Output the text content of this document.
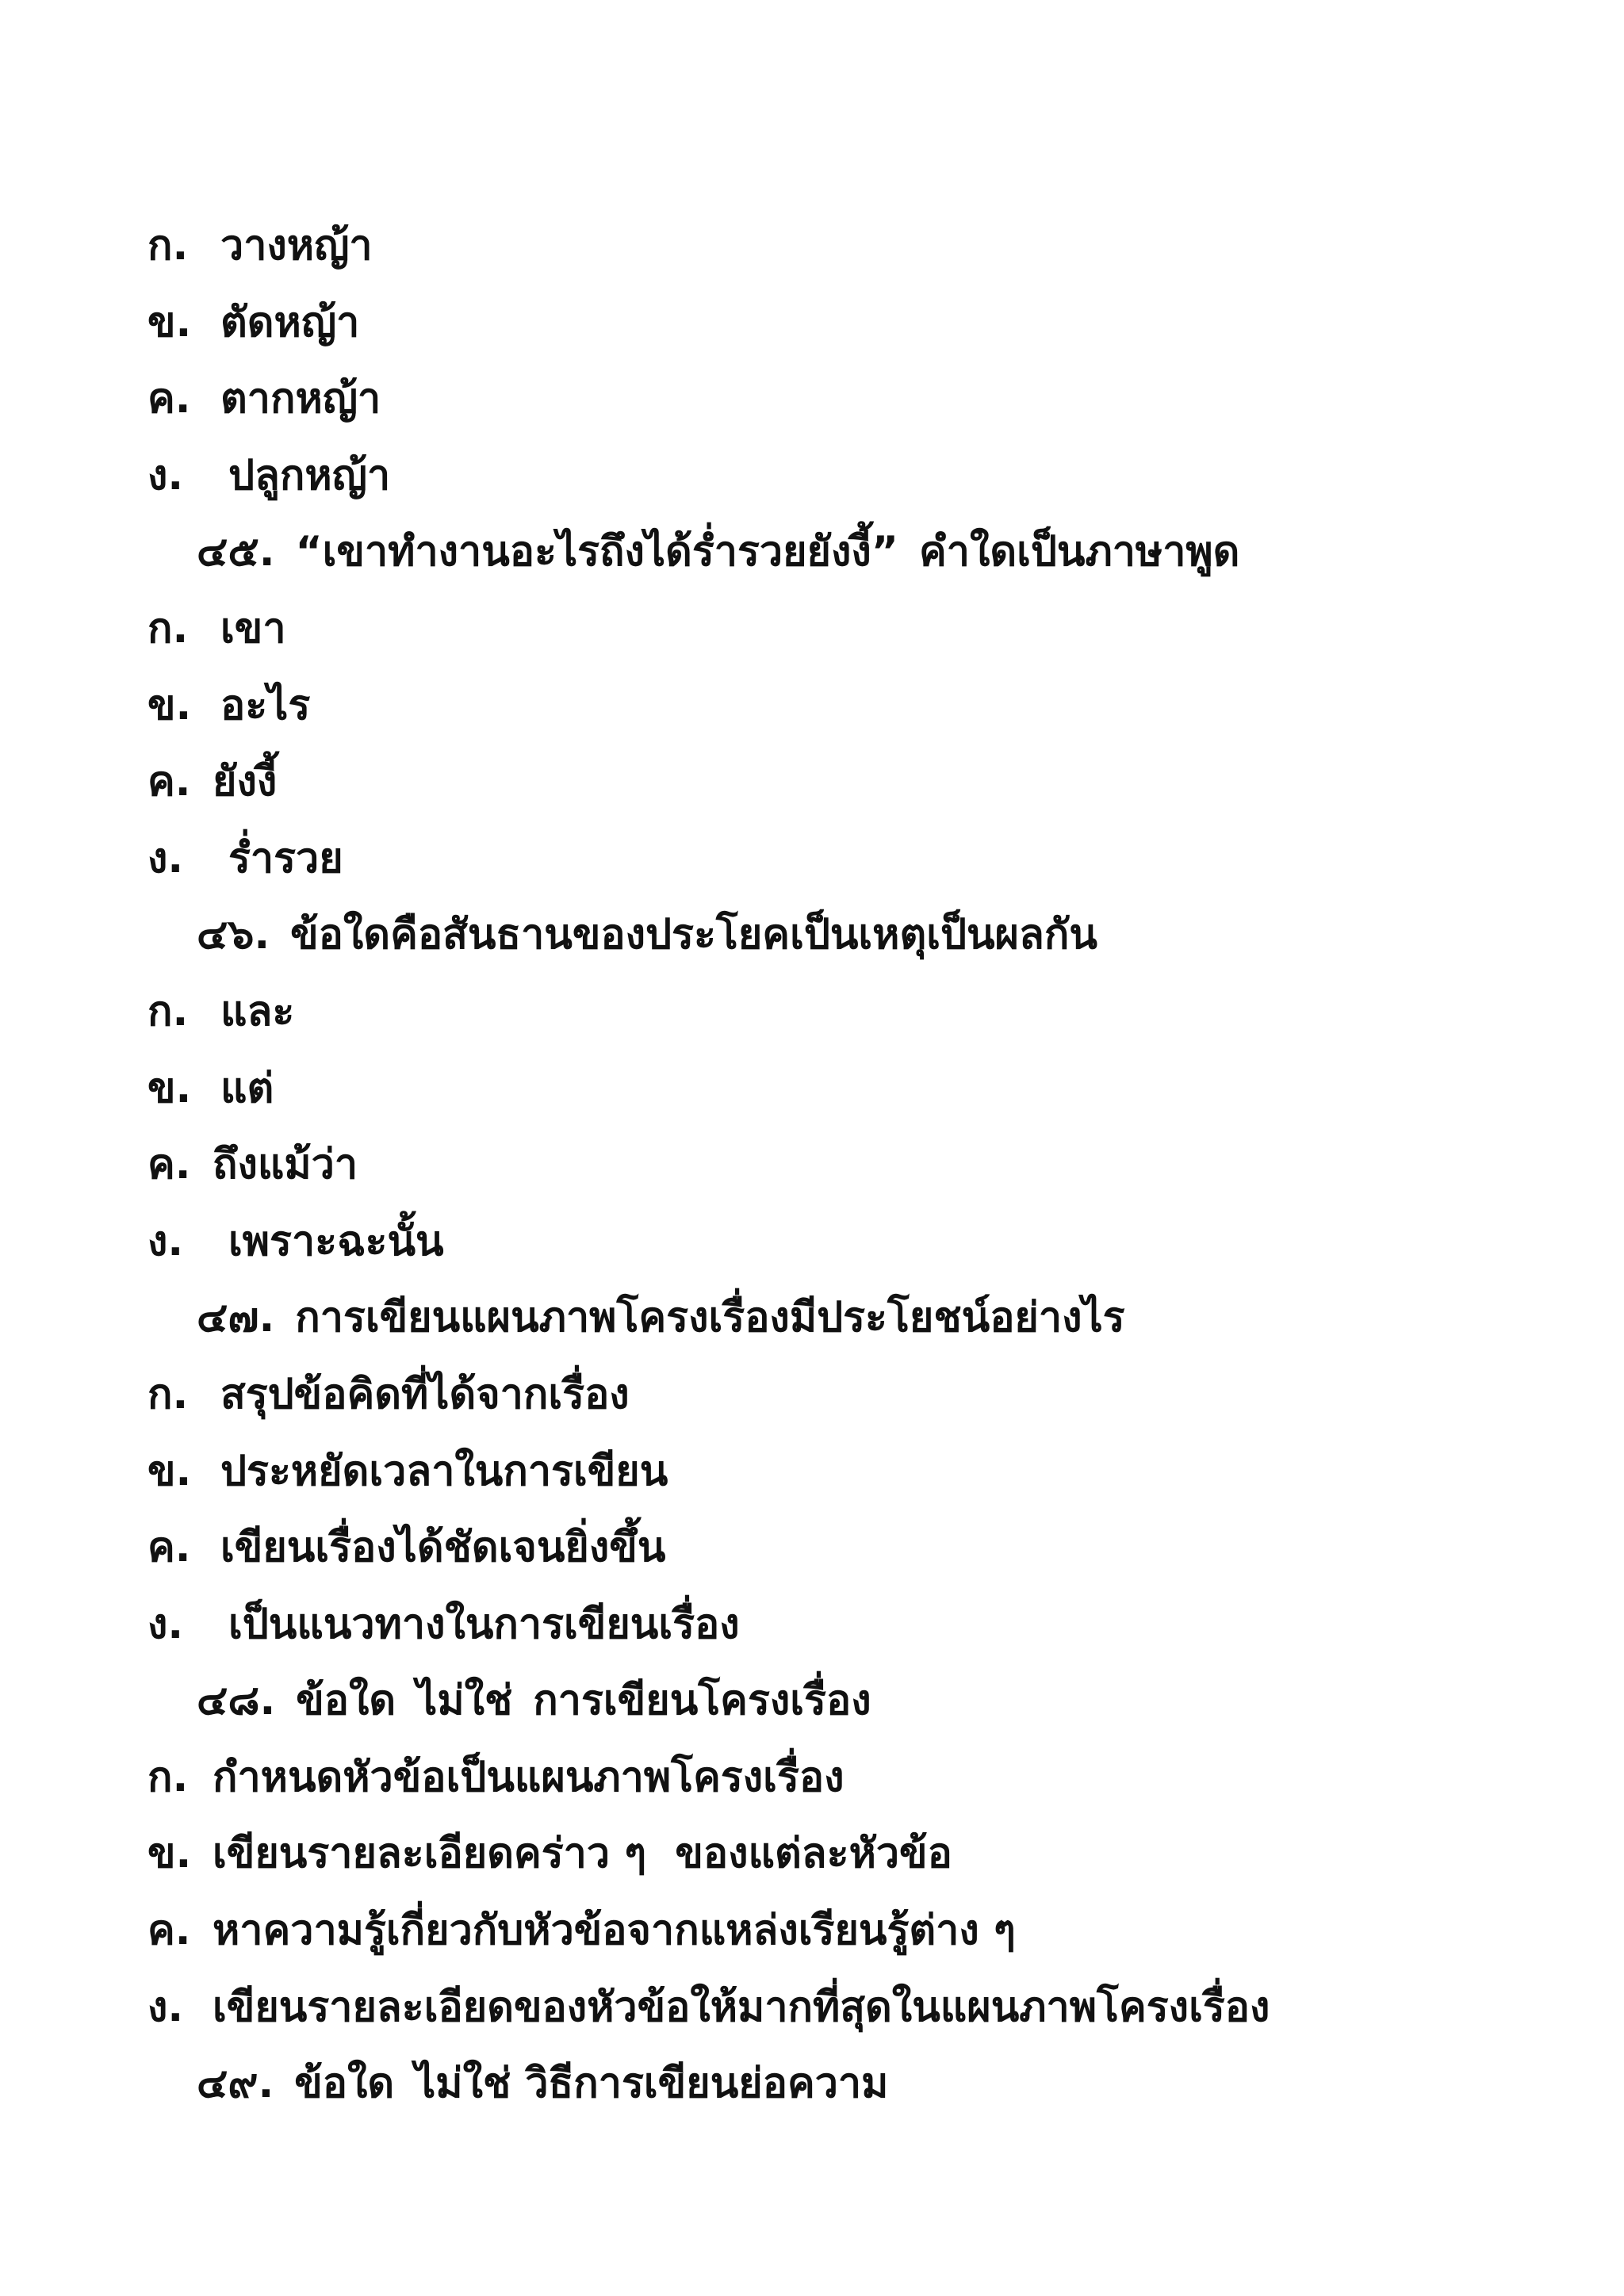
ก. วางหญ้า
ข. ตัดหญ้า
ค. ตากหญ้า
ง.	ปลูกหญ้า
๔๕. “เขาทำงานอะไรถึงได้ร่ำรวยยังงี้” คำใดเป็นภาษาพูด
ก. เขา
ข. อะไร
ค. ยังงี้
ง.	ร่ำรวย
๔๖. ข้อใดคือสันธานของประโยคเป็นเหตุเป็นผลกัน
ก. และ
ข. แต่
ค. ถึงแม้ว่า
ง.	เพราะฉะนั้น
๔๗. การเขียนแผนภาพโครงเรื่องมีประโยชน์อย่างไร
ก. สรุปข้อคิดที่ได้จากเรื่อง
ข. ประหยัดเวลาในการเขียน
ค. เขียนเรื่องได้ชัดเจนยิ่งขึ้น
ง.	เป็นแนวทางในการเขียนเรื่อง
๔๘. ข้อใด ไม่ใช่ การเขียนโครงเรื่อง
ก. กำหนดหัวข้อเป็นแผนภาพโครงเรื่อง
ข. เขียนรายละเอียดคร่าว ๆ  ของแต่ละหัวข้อ
ค. หาความรู้เกี่ยวกับหัวข้อจากแหล่งเรียนรู้ต่าง ๆ
ง. เขียนรายละเอียดของหัวข้อให้มากที่สุดในแผนภาพโครงเรื่อง
๔๙. ข้อใด ไม่ใช่ วิธีการเขียนย่อความ
